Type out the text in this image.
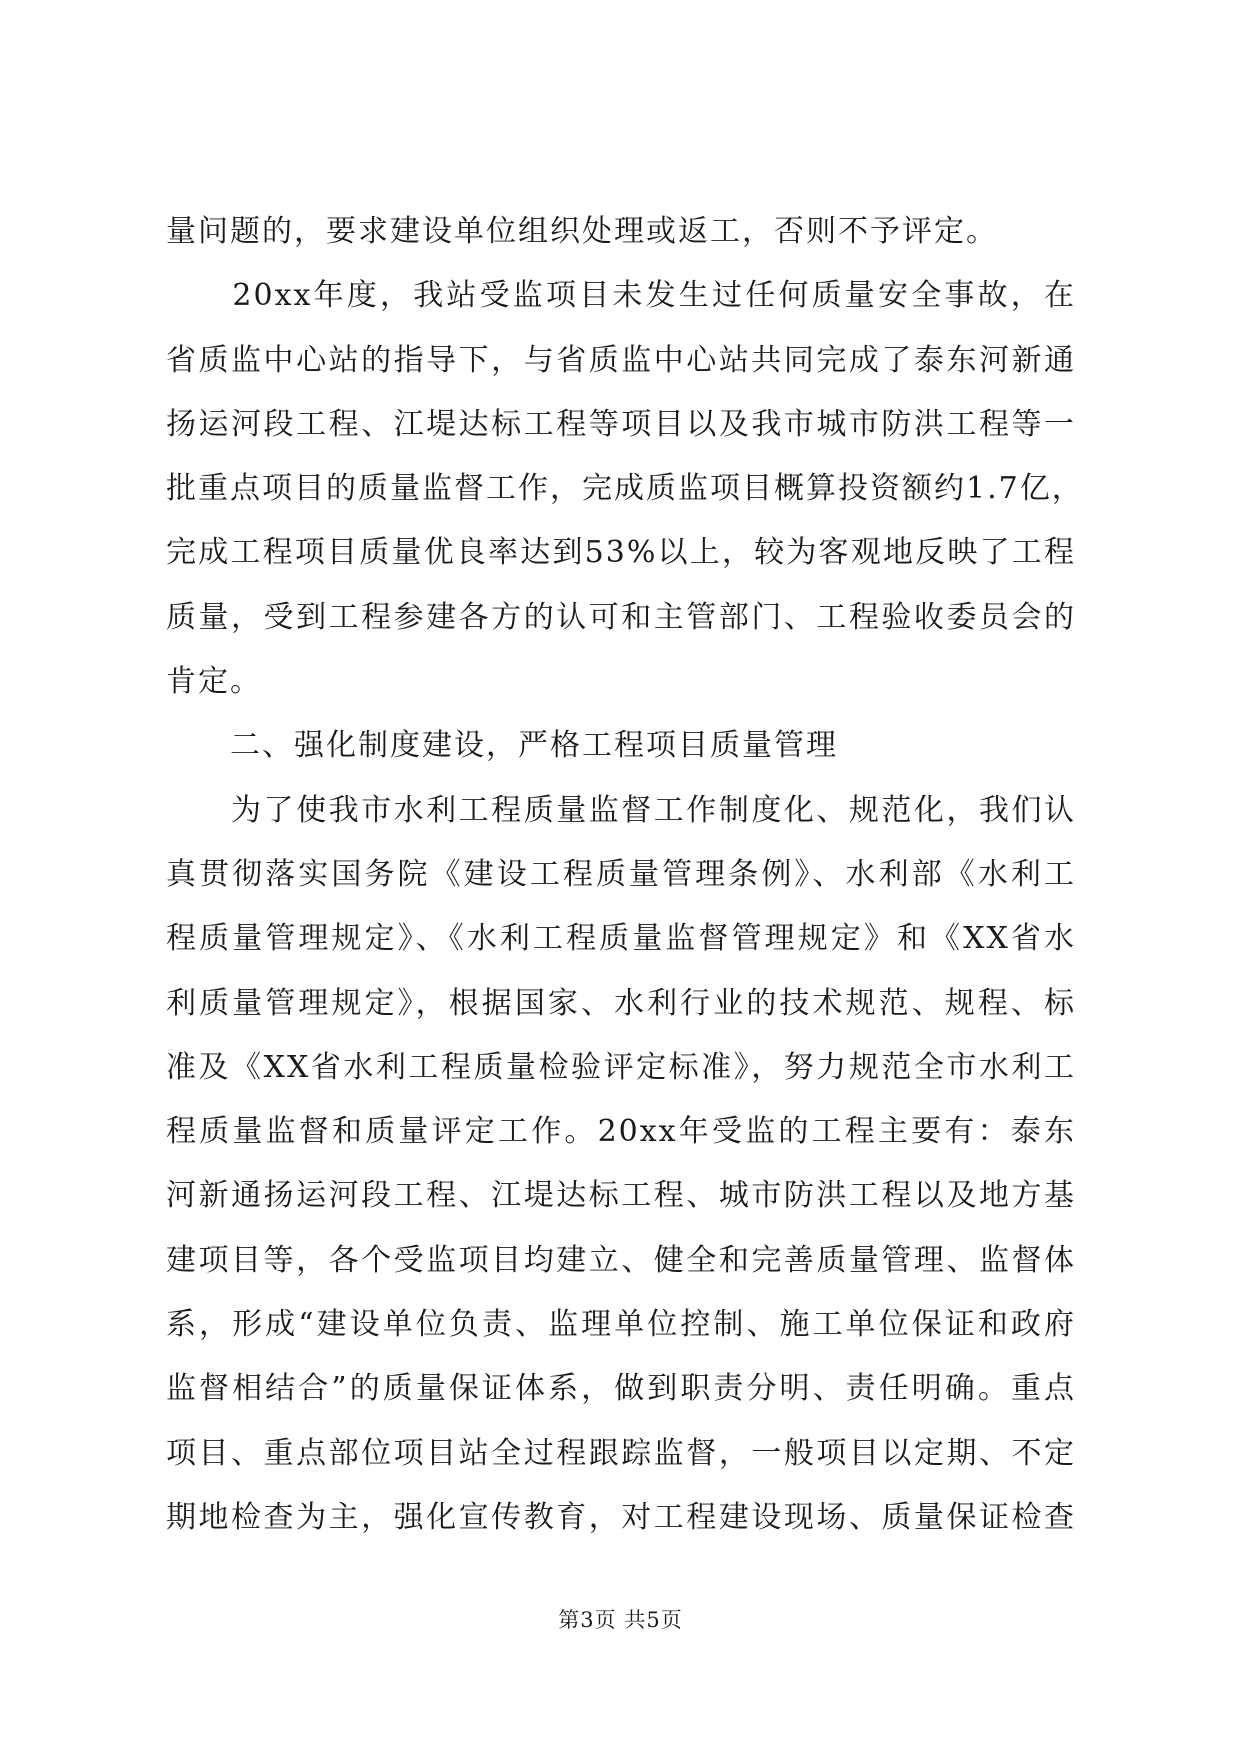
量问题的，要求建设单位组织处理或返工，否则不予评定。
　　20xx年度，我站受监项目未发生过任何质量安全事故，在
省质监中心站的指导下，与省质监中心站共同完成了泰东河新通
扬运河段工程、江堤达标工程等项目以及我市城市防洪工程等一
批重点项目的质量监督工作，完成质监项目概算投资额约1.7亿，
完成工程项目质量优良率达到53%以上，较为客观地反映了工程
质量，受到工程参建各方的认可和主管部门、工程验收委员会的
肯定。
　　二、强化制度建设，严格工程项目质量管理
　　为了使我市水利工程质量监督工作制度化、规范化，我们认
真贯彻落实国务院《建设工程质量管理条例》、水利部《水利工
程质量管理规定》、《水利工程质量监督管理规定》和《XX省水
利质量管理规定》，根据国家、水利行业的技术规范、规程、标
准及《XX省水利工程质量检验评定标准》，努力规范全市水利工
程质量监督和质量评定工作。20xx年受监的工程主要有：泰东
河新通扬运河段工程、江堤达标工程、城市防洪工程以及地方基
建项目等，各个受监项目均建立、健全和完善质量管理、监督体
系，形成“建设单位负责、监理单位控制、施工单位保证和政府
监督相结合”的质量保证体系，做到职责分明、责任明确。重点
项目、重点部位项目站全过程跟踪监督，一般项目以定期、不定
期地检查为主，强化宣传教育，对工程建设现场、质量保证检查
第3页 共5页
